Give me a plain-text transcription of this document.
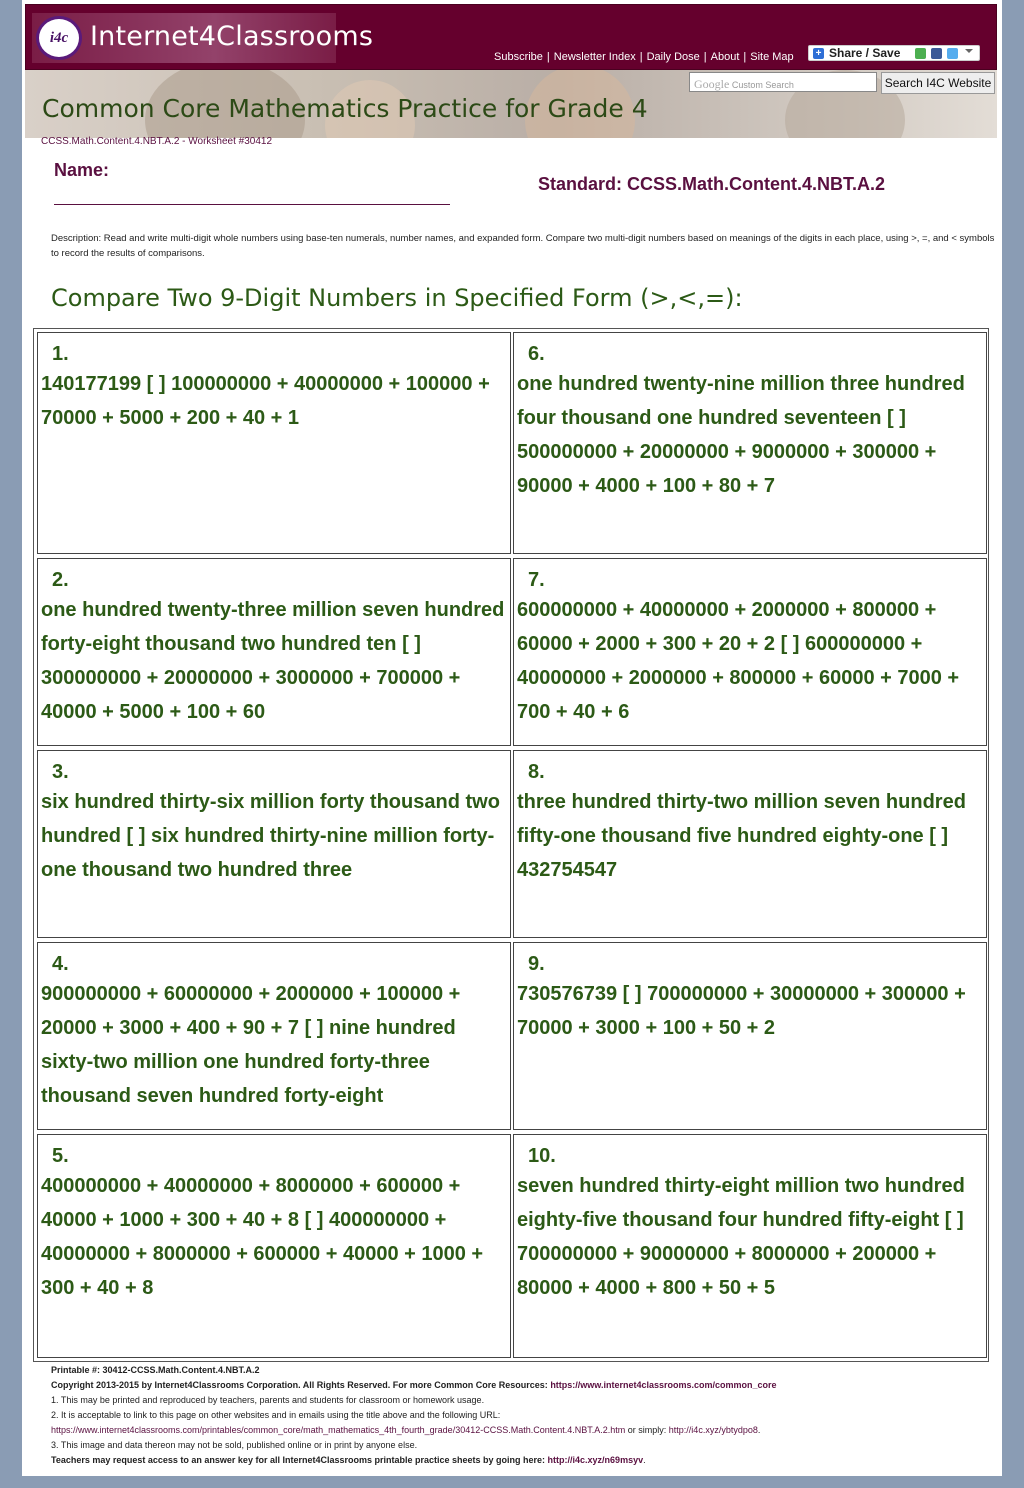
i4c Internet4Classrooms
Subscribe | Newsletter Index | Daily Dose | About | Site Map + Share / Save
Common Core Mathematics Practice for Grade 4
Google Custom Search	Search I4C Website
CCSS.Math.Content.4.NBT.A.2 - Worksheet #30412
Name:
Standard: CCSS.Math.Content.4.NBT.A.2
Description: Read and write multi-digit whole numbers using base-ten numerals, number names, and expanded form. Compare two multi-digit numbers based on meanings of the digits in each place, using >, =, and < symbols to record the results of comparisons.
Compare Two 9-Digit Numbers in Specified Form (>,<,=):
1.
140177199 [ ] 100000000 + 40000000 + 100000 + 70000 + 5000 + 200 + 40 + 1
2.
one hundred twenty-three million seven hundred forty-eight thousand two hundred ten [ ] 300000000 + 20000000 + 3000000 + 700000 + 40000 + 5000 + 100 + 60
3.
six hundred thirty-six million forty thousand two hundred [ ] six hundred thirty-nine million forty-one thousand two hundred three
4.
900000000 + 60000000 + 2000000 + 100000 + 20000 + 3000 + 400 + 90 + 7 [ ] nine hundred sixty-two million one hundred forty-three thousand seven hundred forty-eight
5.
400000000 + 40000000 + 8000000 + 600000 + 40000 + 1000 + 300 + 40 + 8 [ ] 400000000 + 40000000 + 8000000 + 600000 + 40000 + 1000 + 300 + 40 + 8
6.
one hundred twenty-nine million three hundred four thousand one hundred seventeen [ ] 500000000 + 20000000 + 9000000 + 300000 + 90000 + 4000 + 100 + 80 + 7
7.
600000000 + 40000000 + 2000000 + 800000 + 60000 + 2000 + 300 + 20 + 2 [ ] 600000000 + 40000000 + 2000000 + 800000 + 60000 + 7000 + 700 + 40 + 6
8.
three hundred thirty-two million seven hundred fifty-one thousand five hundred eighty-one [ ] 432754547
9.
730576739 [ ] 700000000 + 30000000 + 300000 + 70000 + 3000 + 100 + 50 + 2
10.
seven hundred thirty-eight million two hundred eighty-five thousand four hundred fifty-eight [ ] 700000000 + 90000000 + 8000000 + 200000 + 80000 + 4000 + 800 + 50 + 5
Printable #: 30412-CCSS.Math.Content.4.NBT.A.2
Copyright 2013-2015 by Internet4Classrooms Corporation. All Rights Reserved. For more Common Core Resources: https://www.internet4classrooms.com/common_core
1. This may be printed and reproduced by teachers, parents and students for classroom or homework usage.
2. It is acceptable to link to this page on other websites and in emails using the title above and the following URL:
https://www.internet4classrooms.com/printables/common_core/math_mathematics_4th_fourth_grade/30412-CCSS.Math.Content.4.NBT.A.2.htm or simply: http://i4c.xyz/ybtydpo8.
3. This image and data thereon may not be sold, published online or in print by anyone else.
Teachers may request access to an answer key for all Internet4Classrooms printable practice sheets by going here: http://i4c.xyz/n69msyv.
